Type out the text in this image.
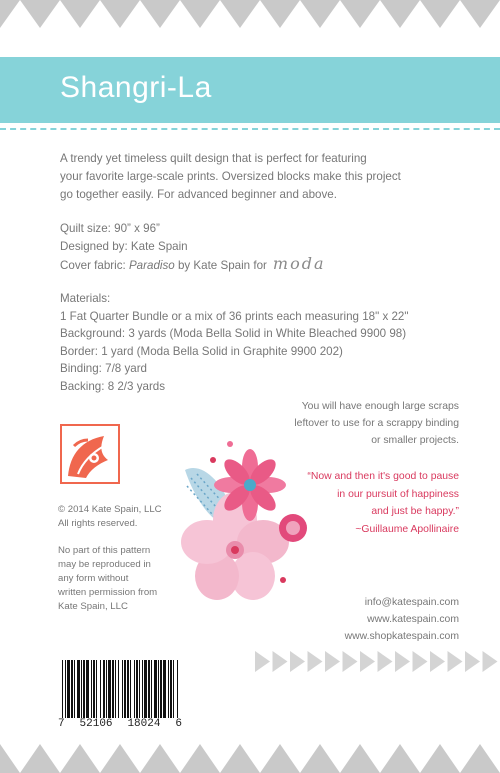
Shangri-La
A trendy yet timeless quilt design that is perfect for featuring
your favorite large-scale prints. Oversized blocks make this project
go together easily. For advanced beginner and above.
Quilt size: 90” x 96”
Designed by: Kate Spain
Cover fabric: Paradiso by Kate Spain for moda
Materials:
1 Fat Quarter Bundle or a mix of 36 prints each measuring 18" x 22"
Background: 3 yards (Moda Bella Solid in White Bleached 9900 98)
Border: 1 yard (Moda Bella Solid in Graphite 9900 202)
Binding: 7/8 yard
Backing: 8 2/3 yards
You will have enough large scraps
leftover to use for a scrappy binding
or smaller projects.
© 2014 Kate Spain, LLC
All rights reserved.
No part of this pattern
may be reproduced in
any form without
written permission from
Kate Spain, LLC
“Now and then it's good to pause
in our pursuit of happiness
and just be happy.”
~Guillaume Apollinaire
info@katespain.com
www.katespain.com
www.shopkatespain.com
7 52106 18024 6
